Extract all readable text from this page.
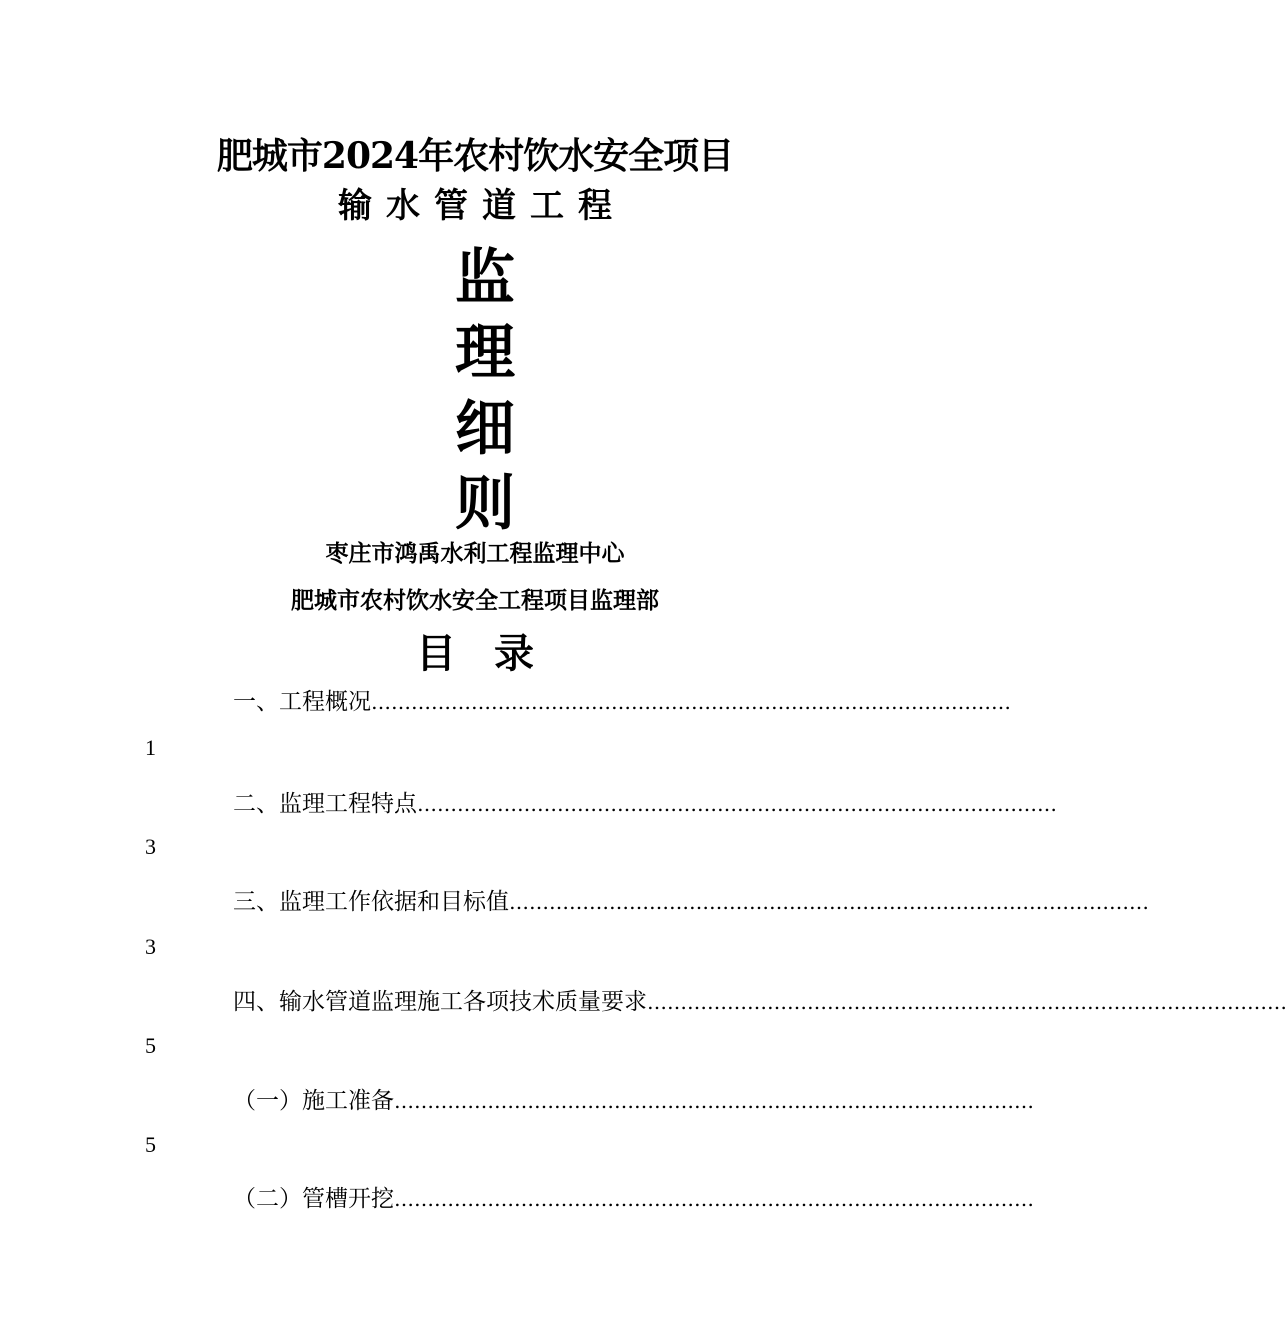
肥城市2024年农村饮水安全项目
输水管道工程
监
理
细
则
枣庄市鸿禹水利工程监理中心
肥城市农村饮水安全工程项目监理部
目 录
一、工程概况 ……………………………………………………………………………………
1
二、监理工程特点 ……………………………………………………………………………………
3
三、监理工作依据和目标值 ……………………………………………………………………………………
3
四、输水管道监理施工各项技术质量要求 ……………………………………………………………………………………
5
（一）施工准备 ……………………………………………………………………………………
5
（二）管槽开挖 ……………………………………………………………………………………
